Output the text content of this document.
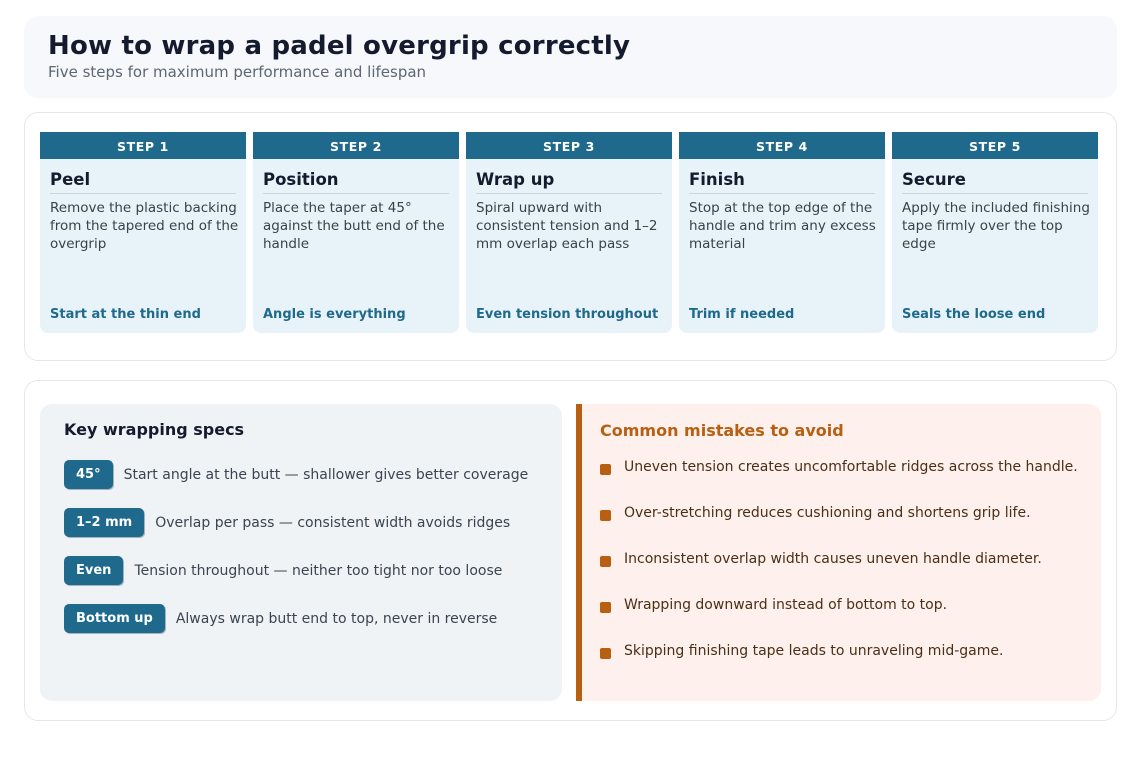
How to wrap a padel overgrip correctly
Five steps for maximum performance and lifespan
STEP 1
Peel
Remove the plastic backing from the tapered end of the overgrip
Start at the thin end
STEP 2
Position
Place the taper at 45° against the butt end of the handle
Angle is everything
STEP 3
Wrap up
Spiral upward with consistent tension and 1–2 mm overlap each pass
Even tension throughout
STEP 4
Finish
Stop at the top edge of the handle and trim any excess material
Trim if needed
STEP 5
Secure
Apply the included finishing tape firmly over the top edge
Seals the loose end
Key wrapping specs
45°	Start angle at the butt — shallower gives better coverage
1–2 mm	Overlap per pass — consistent width avoids ridges
Even	Tension throughout — neither too tight nor too loose
Bottom up	Always wrap butt end to top, never in reverse
Common mistakes to avoid
Uneven tension creates uncomfortable ridges across the handle.
Over-stretching reduces cushioning and shortens grip life.
Inconsistent overlap width causes uneven handle diameter.
Wrapping downward instead of bottom to top.
Skipping finishing tape leads to unraveling mid-game.
